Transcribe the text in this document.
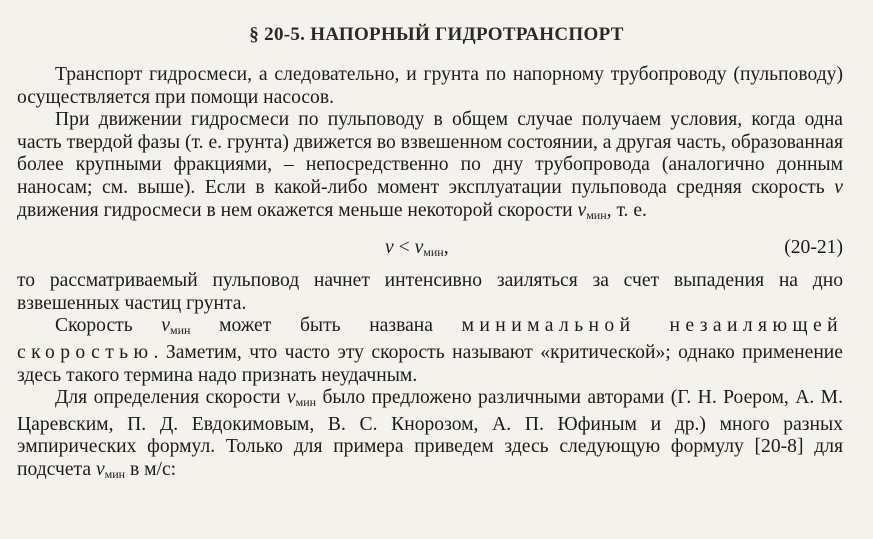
§ 20-5. НАПОРНЫЙ ГИДРОТРАНСПОРТ

Транспорт гидросмеси, а следовательно, и грунта по напорному трубопроводу (пульповоду) осуществляется при помощи насосов.

При движении гидросмеси по пульповоду в общем случае получаем условия, когда одна часть твердой фазы (т. е. грунта) движется во взвешенном состоянии, а другая часть, образованная более крупными фракциями, – непосредственно по дну трубопровода (аналогично донным наносам; см. выше). Если в какой-либо момент эксплуатации пульповода средняя скорость v движения гидросмеси в нем окажется меньше некоторой скорости $v_{мин}$, т. е.

$v < v_{мин}$,	(20-21)

то рассматриваемый пульповод начнет интенсивно заиляться за счет выпадения на дно взвешенных частиц грунта.

Скорость $v_{мин}$ может быть названа минимальной незаиляющей скоростью. Заметим, что часто эту скорость называют «критической»; однако применение здесь такого термина надо признать неудачным.

Для определения скорости $v_{мин}$ было предложено различными авторами (Г. Н. Роером, А. М. Царевским, П. Д. Евдокимовым, В. С. Кнорозом, А. П. Юфиным и др.) много разных эмпирических формул. Только для примера приведем здесь следующую формулу [20-8] для подсчета $v_{мин}$ в м/с:
